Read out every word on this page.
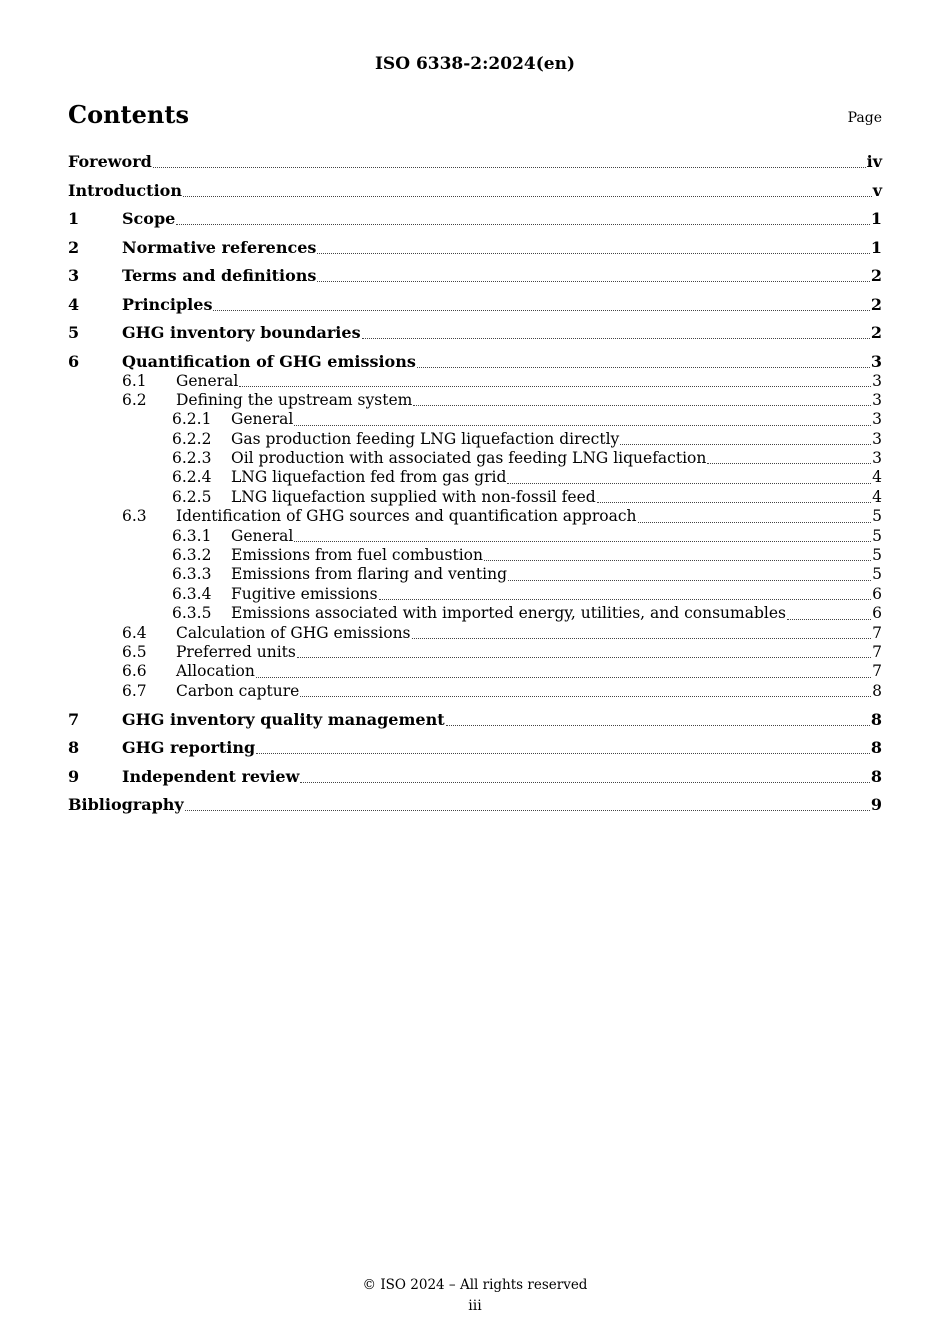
ISO 6338-2:2024(en)
Contents	Page
Foreword	iv
Introduction	v
1	Scope	1
2	Normative references	1
3	Terms and definitions	2
4	Principles	2
5	GHG inventory boundaries	2
6	Quantification of GHG emissions	3
6.1	General	3
6.2	Defining the upstream system	3
6.2.1	General	3
6.2.2	Gas production feeding LNG liquefaction directly	3
6.2.3	Oil production with associated gas feeding LNG liquefaction	3
6.2.4	LNG liquefaction fed from gas grid	4
6.2.5	LNG liquefaction supplied with non-fossil feed	4
6.3	Identification of GHG sources and quantification approach	5
6.3.1	General	5
6.3.2	Emissions from fuel combustion	5
6.3.3	Emissions from flaring and venting	5
6.3.4	Fugitive emissions	6
6.3.5	Emissions associated with imported energy, utilities, and consumables	6
6.4	Calculation of GHG emissions	7
6.5	Preferred units	7
6.6	Allocation	7
6.7	Carbon capture	8
7	GHG inventory quality management	8
8	GHG reporting	8
9	Independent review	8
Bibliography	9
© ISO 2024 – All rights reserved
iii
